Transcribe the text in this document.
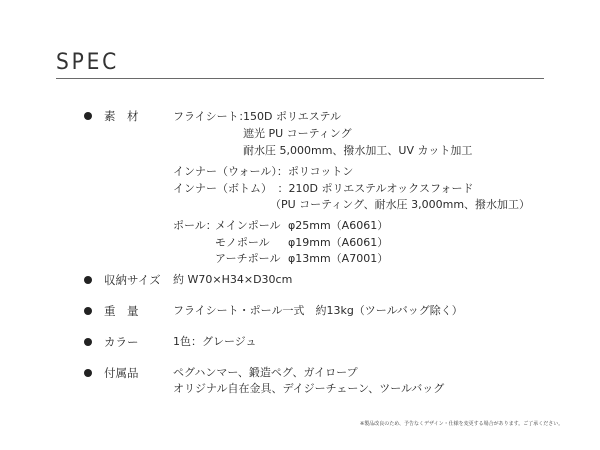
SPEC
素　材	フライシート：
150D ポリエステル
遮光 PU コーティング
耐水圧 5,000mm、撥水加工、UV カット加工
インナー（ウォール）：ポリコットン
インナー（ボトム）　：210D ポリエステルオックスフォード
（PU コーティング、耐水圧 3,000mm、撥水加工）
ポール：
メインポール φ25mm（A6061）
モノポール φ19mm（A6061）
アーチポール φ13mm（A7001）
収納サイズ 約 W70×H34×D30cm
重　量	フライシート・ポール一式　約13kg（ツールバッグ除く）
カラー	1色：グレージュ
付属品	ペグハンマー、鍛造ペグ、ガイロープ
オリジナル自在金具、デイジーチェーン、ツールバッグ
※製品改良のため、予告なくデザイン・仕様を変更する場合があります。ご了承ください。
